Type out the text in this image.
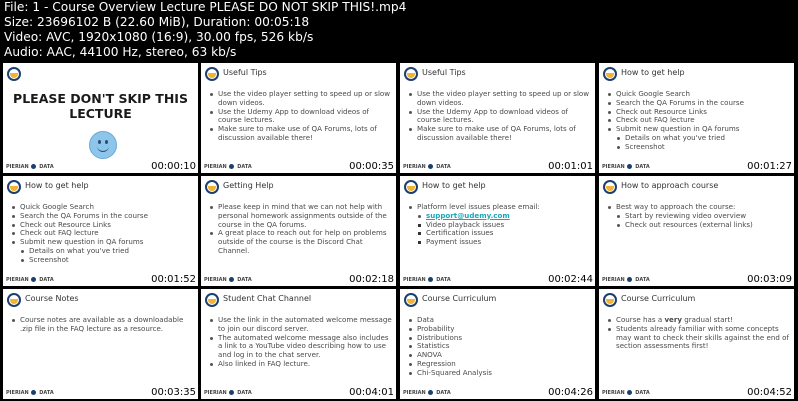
File: 1 - Course Overview Lecture PLEASE DO NOT SKIP THIS!.mp4
Size: 23696102 B (22.60 MiB), Duration: 00:05:18
Video: AVC, 1920x1080 (16:9), 30.00 fps, 526 kb/s
Audio: AAC, 44100 Hz, stereo, 63 kb/s
PLEASE DON'T SKIP THIS LECTURE
PIERIAN DATA	00:00:10
Useful Tips
Use the video player setting to speed up or slow down videos.
Use the Udemy App to download videos of course lectures.
Make sure to make use of QA Forums, lots of discussion available there!
PIERIAN DATA	00:00:35
Useful Tips
Use the video player setting to speed up or slow down videos.
Use the Udemy App to download videos of course lectures.
Make sure to make use of QA Forums, lots of discussion available there!
PIERIAN DATA	00:01:01
How to get help
Quick Google Search
Search the QA Forums in the course
Check out Resource Links
Check out FAQ lecture
Submit new question in QA forums
Details on what you've tried
Screenshot
PIERIAN DATA	00:01:27
How to get help
Quick Google Search
Search the QA Forums in the course
Check out Resource Links
Check out FAQ lecture
Submit new question in QA forums
Details on what you've tried
Screenshot
PIERIAN DATA	00:01:52
Getting Help
Please keep in mind that we can not help with personal homework assignments outside of the course in the QA forums.
A great place to reach out for help on problems outside of the course is the Discord Chat Channel.
PIERIAN DATA	00:02:18
How to get help
Platform level issues please email:
support@udemy.com
Video playback issues
Certification issues
Payment issues
PIERIAN DATA	00:02:44
How to approach course
Best way to approach the course:
Start by reviewing video overview
Check out resources (external links)
PIERIAN DATA	00:03:09
Course Notes
Course notes are available as a downloadable .zip file in the FAQ lecture as a resource.
PIERIAN DATA	00:03:35
Student Chat Channel
Use the link in the automated welcome message to join our discord server.
The automated welcome message also includes a link to a YouTube video describing how to use and log in to the chat server.
Also linked in FAQ lecture.
PIERIAN DATA	00:04:01
Course Curriculum
Data
Probability
Distributions
Statistics
ANOVA
Regression
Chi-Squared Analysis
PIERIAN DATA	00:04:26
Course Curriculum
Course has a very gradual start!
Students already familiar with some concepts may want to check their skills against the end of section assessments first!
PIERIAN DATA	00:04:52
